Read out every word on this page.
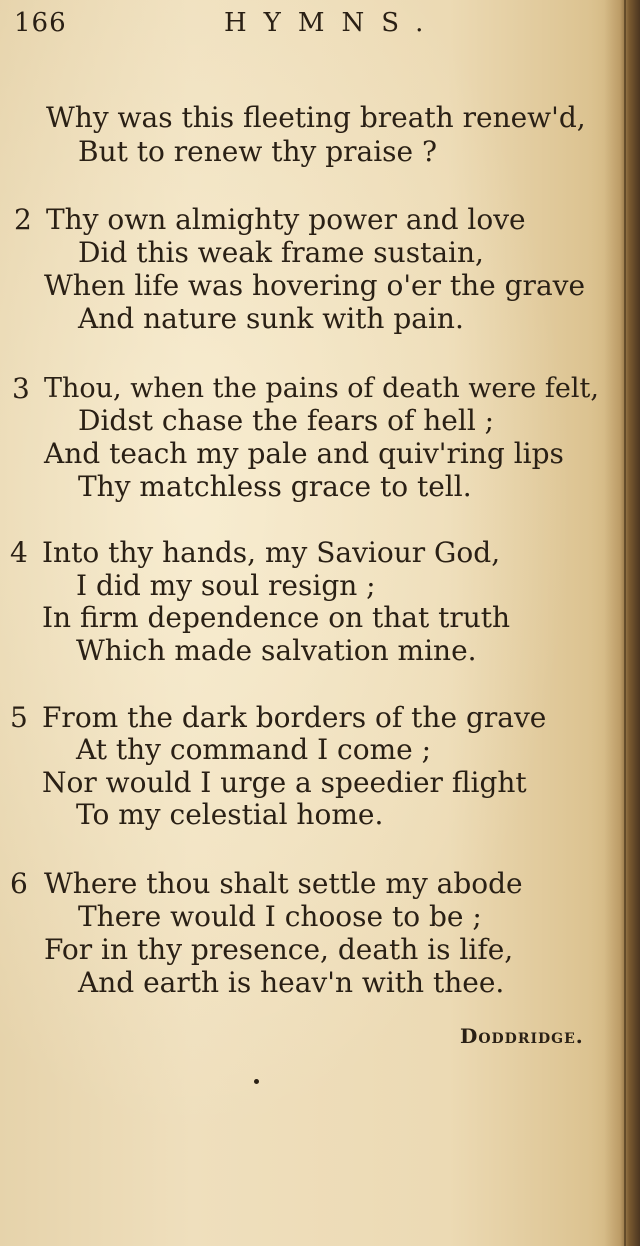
166	HYMNS.
Why was this fleeting breath renew'd,
But to renew thy praise ?
2 Thy own almighty power and love
Did this weak frame sustain,
When life was hovering o'er the grave
And nature sunk with pain.
3 Thou, when the pains of death were felt,
Didst chase the fears of hell ;
And teach my pale and quiv'ring lips
Thy matchless grace to tell.
4 Into thy hands, my Saviour God,
I did my soul resign ;
In firm dependence on that truth
Which made salvation mine.
5 From the dark borders of the grave
At thy command I come ;
Nor would I urge a speedier flight
To my celestial home.
6 Where thou shalt settle my abode
There would I choose to be ;
For in thy presence, death is life,
And earth is heav'n with thee.
Doddridge.
